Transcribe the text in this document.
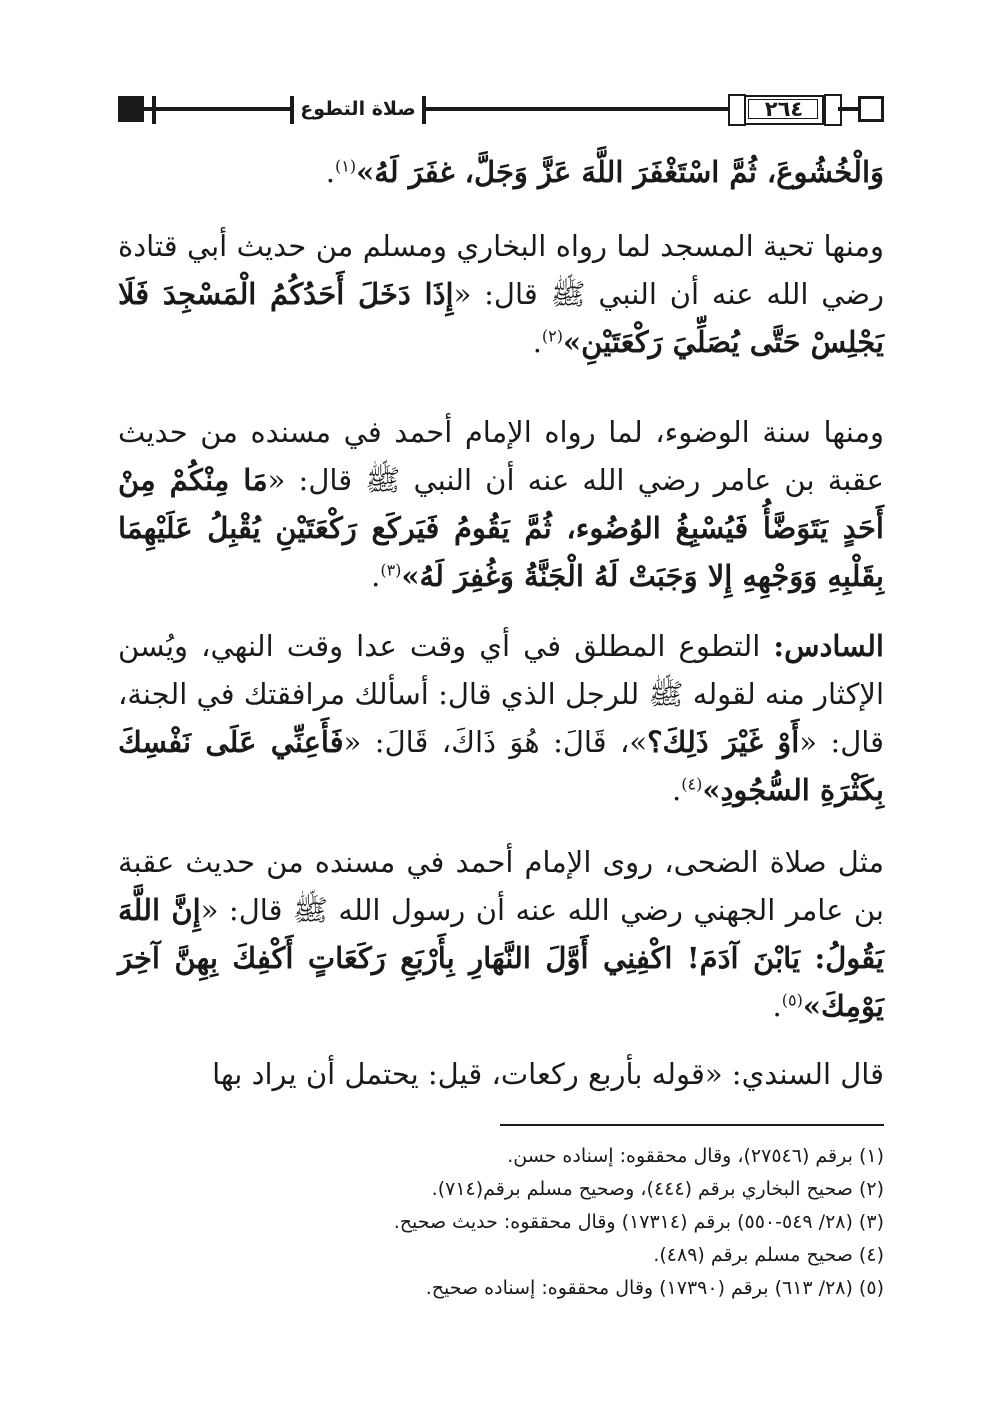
صلاة التطوع	٢٦٤

وَالْخُشُوعَ، ثُمَّ اسْتَغْفَرَ اللَّهَ عَزَّ وَجَلَّ، غفَرَ لَهُ»$^{(١)}$.

ومنها تحية المسجد لما رواه البخاري ومسلم من حديث أبي قتادة رضي الله عنه أن النبي ﷺ قال: «إِذَا دَخَلَ أَحَدُكُمُ الْمَسْجِدَ فَلَا يَجْلِسْ حَتَّى يُصَلِّيَ رَكْعَتَيْنِ»$^{(٢)}$.

ومنها سنة الوضوء، لما رواه الإمام أحمد في مسنده من حديث عقبة بن عامر رضي الله عنه أن النبي ﷺ قال: «مَا مِنْكُمْ مِنْ أَحَدٍ يَتَوَضَّأُ فَيُسْبِغُ الوُضُوء، ثُمَّ يَقُومُ فَيَركَع رَكْعَتَيْنِ يُقْبِلُ عَلَيْهِمَا بِقَلْبِهِ وَوَجْهِهِ إِلا وَجَبَتْ لَهُ الْجَنَّةُ وَغُفِرَ لَهُ»$^{(٣)}$.

السادس: التطوع المطلق في أي وقت عدا وقت النهي، ويُسن الإكثار منه لقوله ﷺ للرجل الذي قال: أسألك مرافقتك في الجنة، قال: «أَوْ غَيْرَ ذَلِكَ؟»، قَالَ: هُوَ ذَاكَ، قَالَ: «فَأَعِنِّي عَلَى نَفْسِكَ بِكَثْرَةِ السُّجُودِ»$^{(٤)}$.

مثل صلاة الضحى، روى الإمام أحمد في مسنده من حديث عقبة بن عامر الجهني رضي الله عنه أن رسول الله ﷺ قال: «إِنَّ اللَّهَ يَقُولُ: يَابْنَ آدَمَ! اكْفِنِي أَوَّلَ النَّهَارِ بِأَرْبَعِ رَكَعَاتٍ أَكْفِكَ بِهِنَّ آخِرَ يَوْمِكَ»$^{(٥)}$.

قال السندي: «قوله بأربع ركعات، قيل: يحتمل أن يراد بها

(١) برقم (٢٧٥٤٦)، وقال محققوه: إسناده حسن.
(٢) صحيح البخاري برقم (٤٤٤)، وصحيح مسلم برقم(٧١٤).
(٣) (٢٨/ ٥٤٩-٥٥٠) برقم (١٧٣١٤) وقال محققوه: حديث صحيح.
(٤) صحيح مسلم برقم (٤٨٩).
(٥) (٢٨/ ٦١٣) برقم (١٧٣٩٠) وقال محققوه: إسناده صحيح.
